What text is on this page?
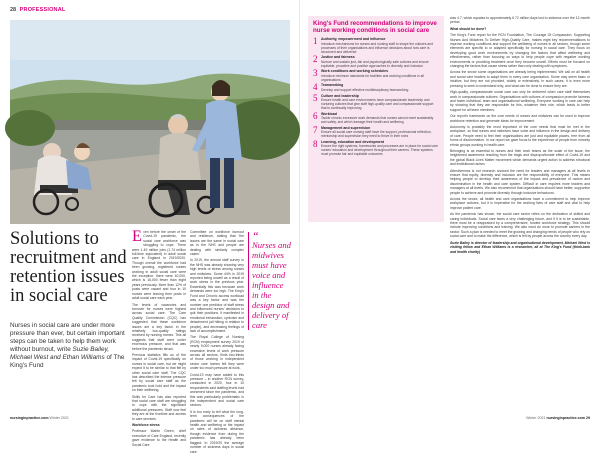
28 PROFESSIONAL
Solutions to recruitment and retention issues in social care
Nurses in social care are under more pressure than ever, but certain important steps can be taken to help them work without burnout, write Suzie Bailey, Michael West and Ethan Williams of The King's Fund

Even before the onset of the Covid-19 pandemic, the social care workforce was struggling to cope. There were 1.49 million jobs (1.74 million full-time equivalent) in adult social care in England in 2019/2020. Though overall the workforce had been growing, registered nurses working in adult social care were the exception: there were 40,000, which is 16,000 fewer than eight years previously. More than 12% of posts were vacant and four in 10 nurses were leaving their posts in adult social care each year.

The levels of vacancies and turnover for nurses were highest across social care. The Care Quality Commission (CQC) has suggested that these workforce issues are a key factor in the relatively low-quality ratings received by nursing homes. This all suggests that staff were under enormous pressure, and that was before the pandemic struck.

Previous statistics fills us of the impact of Covid-19 specifically on nurses in social care, but we might expect it to be similar to that felt by other social care staff. The CQC has described the intense pressure felt by social care staff as the pandemic took hold and the impact on their wellbeing.

Skills for Care has also reported that social care staff are struggling to cope with the significant additional pressures. Staff now feel they are at the frontline and access to care services.

Workforce stress

Professor Martin Green, chief executive of Care England, recently gave evidence to the Health and Social Care

Committee on workforce burnout and resilience, stating that 'the issues are the same in social care as in the NHS and people are dealing with similarly complex cases'.

In 2019, the annual staff survey in the NHS was already showing very high levels of stress among nurses and midwives. Some 44% in 2019 reported being unwell as a result of work stress in the previous year. Essentially this was because work demands were too high. The King's Fund and Chronic access workload was a key factor and was the number one predictor of staff stress and influenced nurses' decisions to quit their positions. It manifested in emotional exhaustion, cynicism and detachment (all hitting in relation to people), and decreasing feelings of lack of accomplishment.

The Royal College of Nursing (RCN) employment survey 2019 of nearly 9,000 nurses already facing excessive levels of work pressure across all sectors, finds two-thirds of those working in independent sector care homes felt they were under too much pressure at work.

Covid-19 may have added to this pressure – in another RCN survey, conducted in 2020, four in 10 respondents said staffing levels had worsened since the pandemic, and this was particularly problematic in the independent and social care sectors.

It is too early to tell what the long-term consequences of the pandemic will be on staff mental health and wellbeing or the impact on rates of sickness absence, though evidence from during the pandemic has already been flagged. In 2019/20 the average number of sickness days in social care

“
Nurses and midwives must have voice and influence in the design and delivery of care
nursinginpractice.com Winter 2021
King's Fund recommendations to improve nurse working conditions in social care
1	Authority, empowerment and influence
Introduce mechanisms for nurses and nursing staff to shape the cultures and processes of their organisations and influence decisions about how care is structured and delivered
2	Justice and fairness
Nurture and sustain just, fair and psychologically safe cultures and ensure equitable, proactive and positive approaches to diversity and inclusion
3	Work conditions and working schedules
Introduce minimum standards for facilities and working conditions in all organisations
4	Teamworking
Develop and support effective multidisciplinary teamworking
5	Culture and leadership
Ensure health and care environments have compassionate leadership and nurturing cultures that give staff high-quality care and compassionate support that is continually improving
6	Workload
Tackle chronic excessive work demands that nurses cannot meet sustainably and safely, and which damage their health and wellbeing
7	Management and supervision
Ensure all social care nursing staff have the support, professional reflection, mentorship and supervision they need to thrive in their roles
8	Learning, education and development
Ensure the right systems, frameworks and processes are in place for social care nurses' education and development throughout their careers. These systems must promote fair and equitable outcomes

was 4.7, which equates to approximately 6.72 million days lost to sickness over the 12-month period.

What should be done?

The King's Fund report for the RCN Foundation, The Courage Of Compassion: Supporting Nurses And Midwives To Deliver High-Quality Care, makes eight key recommendations to improve working conditions and support the wellbeing of nurses in all sectors, though some elements are specific to or adapted specifically for nursing in social care. They focus on developing good work environments by changing the factors that affect wellbeing and effectiveness, rather than focusing on ways to help people cope with negative working environments or providing treatment once they become unwell. Efforts must be focused on changing the factors that cause stress rather than only dealing with symptoms.

Across the sector some organisations are already being implemented. We call on all health and social care leaders to adopt them in every care organisation. Some may seem basic or intuitive, but they are not provided, widely or extensively. In such cases, it is even more pressing to seek to understand why, and what can be done to ensure they are.

High-quality, compassionate social care can only be delivered when care staff themselves work in compassionate cultures. Organisations with cultures of compassion promote fairness and foster individual, team and organisational wellbeing. Everyone working in care can help by showing that they are responsible for this, whatever their role, which leads to better support for all team members.

Our report's framework on the core needs of nurses and midwives can be used to improve workforce retention and generate ideas for improvement.

Autonomy is probably the most important of the core needs that must be met in the workplace, so that nurses and midwives have voice and influence in the design and delivery of care. People need to feel their organisations are just and equitable places, free from all forms of discrimination. In our report we gave focus to the experience of people from minority ethnic groups working in health care.

Belonging is as essential to nurses and their work teams as the scale of the issue, the heightened awareness resulting from the tragic and disproportionate effect of Covid-19 and the global Black Lives Matter movement which demands urgent action to address structural and institutional racism.

Attentiveness is not research showed the need for leaders and managers at all levels to ensure that equity, diversity and inclusion are the responsibility of everyone. This means helping people to develop their awareness of the impact and prevalence of racism and discrimination in the health and care system. Difficult in care requires more leaders and managers at all levels. We also recommend that organisations should have better, supportive people to achieve and promote diversity through inclusive behaviours.

Across the sector, all health and care organisations have a commitment to help improve workplace cultures, but it is imperative for the working lives of care staff and vital to help improve patient care.

As the pandemic has shown, the social care sector relies on the dedication of skilled and caring individuals. Social care faces a very challenging future, and if it is to be sustainable, there must be a reappraised by a comprehensive, funded workforce strategy. This should include improving conditions and training. We also must do more to promote careers in the sector. Such a plan is needed to meet the growing and changing needs of people who rely on social care and to make the difference, which is felt by people across the country every day.

Suzie Bailey is director of leadership and organisational development, Michael West is visiting fellow and Ethan Williams is a researcher, all at The King's Fund (think-tank and health charity)

Winter 2021 nursinginpractice.com 29
